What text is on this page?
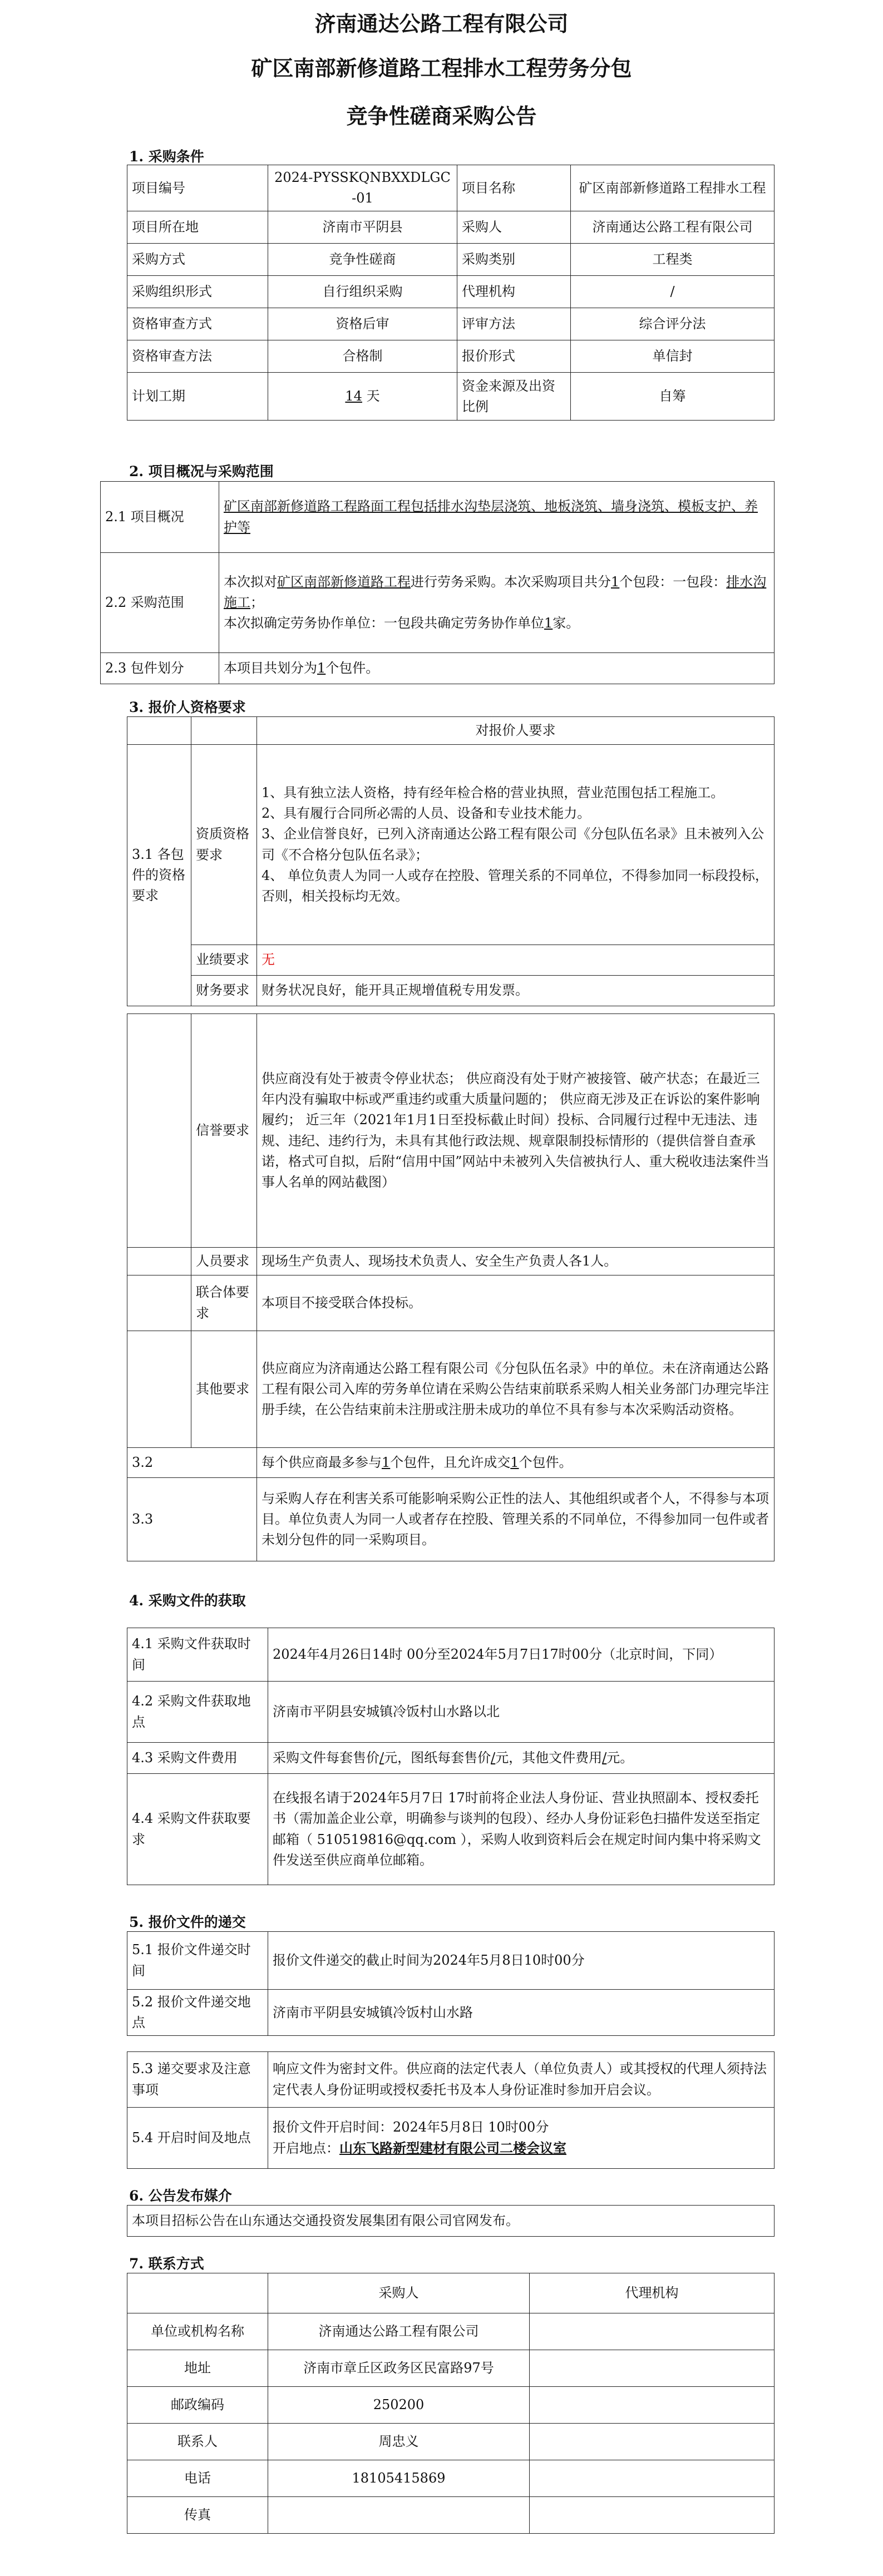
济南通达公路工程有限公司
矿区南部新修道路工程排水工程劳务分包
竞争性磋商采购公告
1. 采购条件
项目编号	2024-PYSSKQNBXXDLGC-01	项目名称	矿区南部新修道路工程排水工程
项目所在地	济南市平阴县	采购人	济南通达公路工程有限公司
采购方式	竞争性磋商	采购类别	工程类
采购组织形式	自行组织采购	代理机构	/
资格审查方式	资格后审	评审方法	综合评分法
资格审查方法	合格制	报价形式	单信封
计划工期	14 天	资金来源及出资比例	自筹
2. 项目概况与采购范围
2.1 项目概况	矿区南部新修道路工程路面工程包括排水沟垫层浇筑、地板浇筑、墙身浇筑、模板支护、养护等
2.2 采购范围	本次拟对矿区南部新修道路工程进行劳务采购。本次采购项目共分1个包段：一包段：排水沟施工；
本次拟确定劳务协作单位：一包段共确定劳务协作单位1家。

2.3 包件划分	本项目共划分为1个包件。
3. 报价人资格要求
		对报价人要求
3.1 各包件的资格要求	资质资格要求	1、具有独立法人资格，持有经年检合格的营业执照，营业范围包括工程施工。
2、具有履行合同所必需的人员、设备和专业技术能力。
3、企业信誉良好，已列入济南通达公路工程有限公司《分包队伍名录》且未被列入公司《不合格分包队伍名录》；
4、 单位负责人为同一人或存在控股、管理关系的不同单位，不得参加同一标段投标，否则，相关投标均无效。

	业绩要求	无
	财务要求	财务状况良好，能开具正规增值税专用发票。
	信誉要求	供应商没有处于被责令停业状态； 供应商没有处于财产被接管、破产状态；在最近三年内没有骗取中标或严重违约或重大质量问题的； 供应商无涉及正在诉讼的案件影响履约； 近三年（2021年1月1日至投标截止时间）投标、合同履行过程中无违法、违规、违纪、违约行为，未具有其他行政法规、规章限制投标情形的（提供信誉自查承诺，格式可自拟，后附“信用中国”网站中未被列入失信被执行人、重大税收违法案件当事人名单的网站截图）
	人员要求	现场生产负责人、现场技术负责人、安全生产负责人各1人。
	联合体要求	本项目不接受联合体投标。
	其他要求	供应商应为济南通达公路工程有限公司《分包队伍名录》中的单位。未在济南通达公路工程有限公司入库的劳务单位请在采购公告结束前联系采购人相关业务部门办理完毕注册手续，在公告结束前未注册或注册未成功的单位不具有参与本次采购活动资格。
3.2		每个供应商最多参与1个包件，且允许成交1个包件。
3.3		与采购人存在利害关系可能影响采购公正性的法人、其他组织或者个人，不得参与本项目。单位负责人为同一人或者存在控股、管理关系的不同单位，不得参加同一包件或者未划分包件的同一采购项目。
4. 采购文件的获取
4.1 采购文件获取时间	2024年4月26日14时 00分至2024年5月7日17时00分（北京时间，下同）
4.2 采购文件获取地点	济南市平阴县安城镇冷饭村山水路以北
4.3 采购文件费用	采购文件每套售价/元，图纸每套售价/元，其他文件费用/元。
4.4 采购文件获取要求	在线报名请于2024年5月7日 17时前将企业法人身份证、营业执照副本、授权委托书（需加盖企业公章，明确参与谈判的包段）、经办人身份证彩色扫描件发送至指定邮箱（ 510519816@qq.com ），采购人收到资料后会在规定时间内集中将采购文件发送至供应商单位邮箱。
5. 报价文件的递交
5.1 报价文件递交时间	报价文件递交的截止时间为2024年5月8日10时00分
5.2 报价文件递交地点	济南市平阴县安城镇冷饭村山水路
5.3 递交要求及注意事项	响应文件为密封文件。供应商的法定代表人（单位负责人）或其授权的代理人须持法定代表人身份证明或授权委托书及本人身份证准时参加开启会议。
5.4 开启时间及地点	报价文件开启时间：2024年5月8日 10时00分
开启地点：山东飞路新型建材有限公司二楼会议室
6. 公告发布媒介
本项目招标公告在山东通达交通投资发展集团有限公司官网发布。
7. 联系方式
	采购人	代理机构
单位或机构名称	济南通达公路工程有限公司	
地址	济南市章丘区政务区民富路97号	
邮政编码	250200	
联系人	周忠义	
电话	18105415869	
传真		
